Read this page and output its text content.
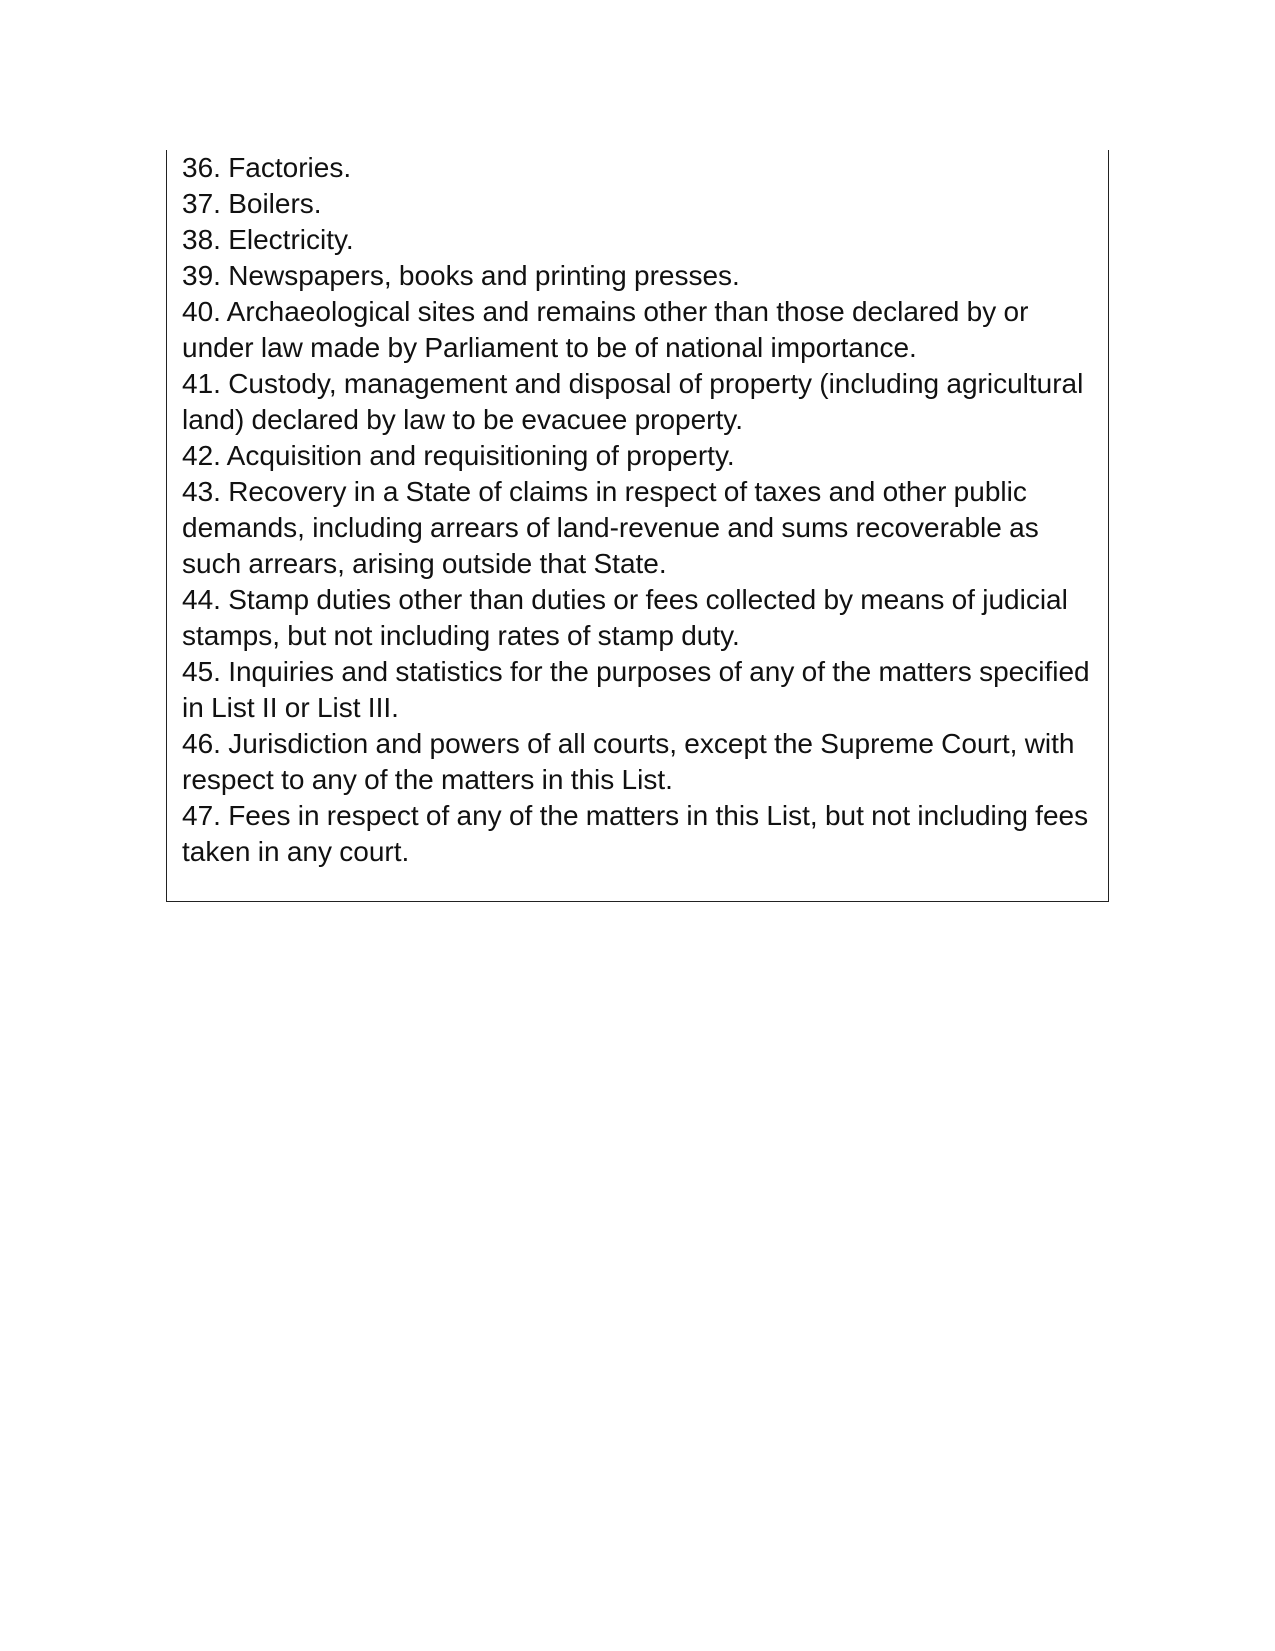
36. Factories.
37. Boilers.
38. Electricity.
39. Newspapers, books and printing presses.
40. Archaeological sites and remains other than those declared by or under law made by Parliament to be of national importance.
41. Custody, management and disposal of property (including agricultural land) declared by law to be evacuee property.
42. Acquisition and requisitioning of property.
43. Recovery in a State of claims in respect of taxes and other public demands, including arrears of land-revenue and sums recoverable as such arrears, arising outside that State.
44. Stamp duties other than duties or fees collected by means of judicial stamps, but not including rates of stamp duty.
45. Inquiries and statistics for the purposes of any of the matters specified in List II or List III.
46. Jurisdiction and powers of all courts, except the Supreme Court, with respect to any of the matters in this List.
47. Fees in respect of any of the matters in this List, but not including fees taken in any court.
